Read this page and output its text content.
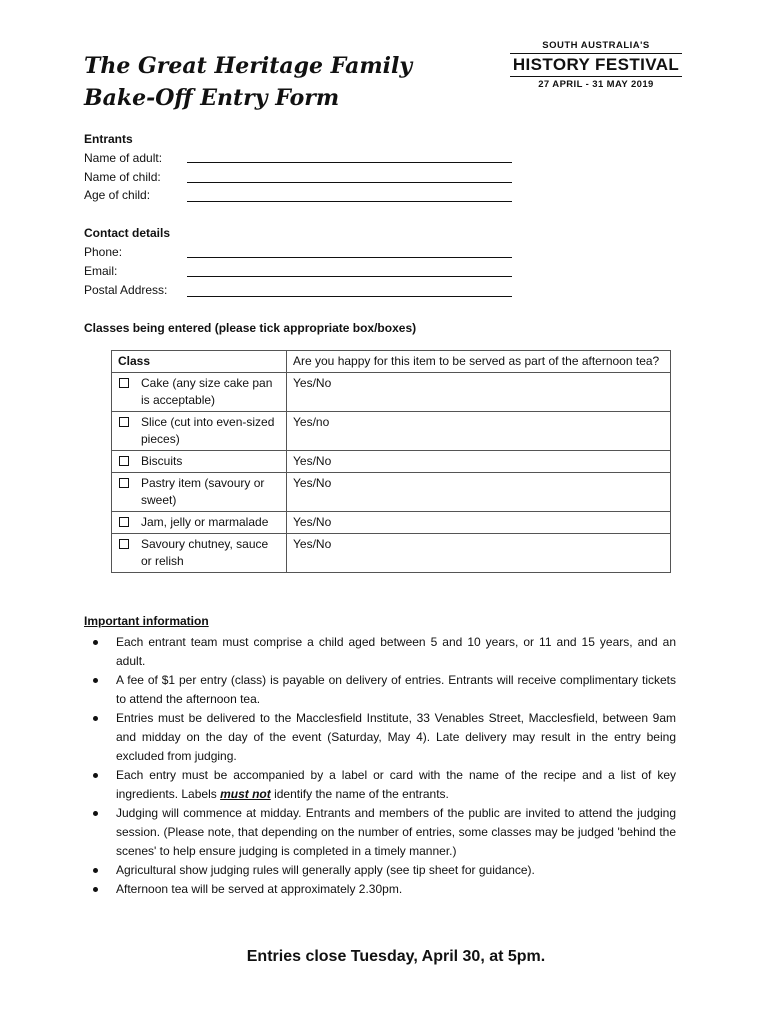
The Great Heritage Family
Bake-Off Entry Form
SOUTH AUSTRALIA'S
HISTORY FESTIVAL
27 APRIL - 31 MAY 2019
Entrants
Name of adult:
Name of child:
Age of child:
Contact details
Phone:
Email:
Postal Address:
Classes being entered (please tick appropriate box/boxes)
Class	Are you happy for this item to be served as part of the afternoon tea?

Cake (any size cake pan is acceptable)	Yes/No

Slice (cut into even-sized pieces)	Yes/no

Biscuits	Yes/No

Pastry item (savoury or sweet)	Yes/No

Jam, jelly or marmalade	Yes/No

Savoury chutney, sauce or relish	Yes/No
Important information
Each entrant team must comprise a child aged between 5 and 10 years, or 11 and 15 years, and an adult.
A fee of $1 per entry (class) is payable on delivery of entries. Entrants will receive complimentary tickets to attend the afternoon tea.
Entries must be delivered to the Macclesfield Institute, 33 Venables Street, Macclesfield, between 9am and midday on the day of the event (Saturday, May 4). Late delivery may result in the entry being excluded from judging.
Each entry must be accompanied by a label or card with the name of the recipe and a list of key ingredients. Labels must not identify the name of the entrants.
Judging will commence at midday. Entrants and members of the public are invited to attend the judging session. (Please note, that depending on the number of entries, some classes may be judged 'behind the scenes' to help ensure judging is completed in a timely manner.)
Agricultural show judging rules will generally apply (see tip sheet for guidance).
Afternoon tea will be served at approximately 2.30pm.
Entries close Tuesday, April 30, at 5pm.
